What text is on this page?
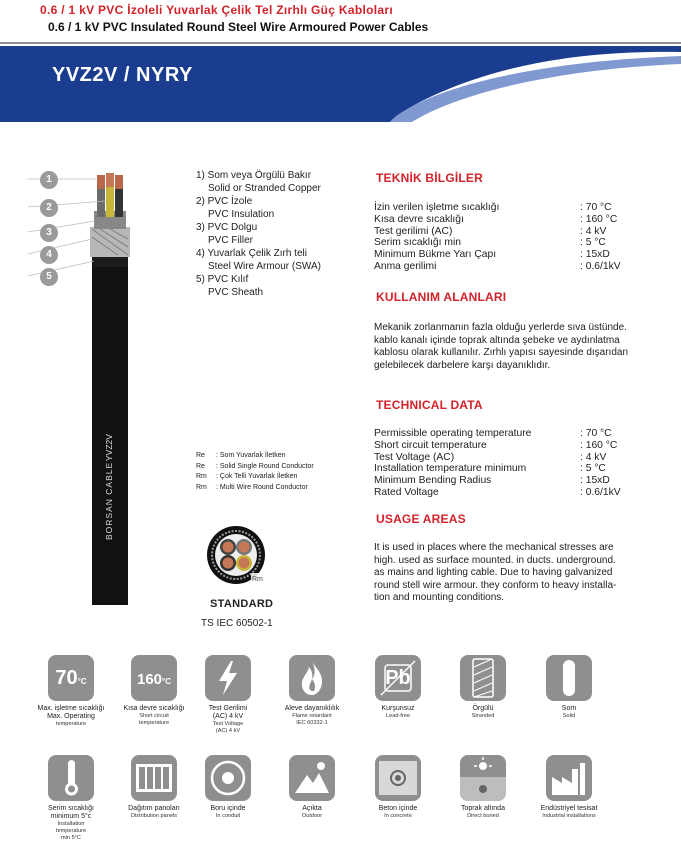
0.6 / 1 kV PVC İzoleli Yuvarlak Çelik Tel Zırhlı Güç Kabloları
0.6 / 1 kV PVC Insulated Round Steel Wire Armoured Power Cables
YVZ2V / NYRY
BORSAN CABLE
YVZ2V
1
2
3
4
5
1) Som veya Örgülü Bakır
Solid or Stranded Copper
2) PVC İzole
PVC Insulation
3) PVC Dolgu
PVC Filler
4) Yuvarlak Çelik Zırh teli
Steel Wire Armour (SWA)
5) PVC Kılıf
PVC Sheath
Re	: Som Yuvarlak İletken
Re	: Solid Single Round Conductor
Rm	: Çok Telli Yuvarlak İletken
Rm	: Multi Wire Round Conductor
Rm
STANDARD
TS IEC 60502-1
TEKNİK BİLGİLER
İzin verilen işletme sıcaklığı	: 70 °C
Kısa devre sıcaklığı	: 160 °C
Test gerilimi (AC)	: 4 kV
Serim sıcaklığı min	: 5 °C
Minimum Bükme Yarı Çapı	: 15xD
Anma gerilimi	: 0.6/1kV
KULLANIM ALANLARI
Mekanik zorlanmanın fazla olduğu yerlerde sıva üstünde.
kablo kanalı içinde toprak altında şebeke ve aydınlatma
kablosu olarak kullanılır. Zırhlı yapısı sayesinde dışarıdan
gelebilecek darbelere karşı dayanıklıdır.
TECHNICAL DATA
Permissible operating temperature	: 70 °C
Short circuit temperature	: 160 °C
Test Voltage (AC)	: 4 kV
Installation temperature minimum	: 5 °C
Minimum Bending Radius	: 15xD
Rated Voltage	: 0.6/1kV
USAGE AREAS
It is used in places where the mechanical stresses are
high. used as surface mounted. in ducts. underground.
as mains and lighting cable. Due to having galvanized
round stell wire armour. they conform to heavy installa-
tion and mounting conditions.
70°C
Max. işletme sıcaklığı
Max. Operating
temperature
160°C
Kısa devre sıcaklığı
Short circuit
temperature
Test Gerilimi
(AC) 4 kV
Test Voltage
(AC) 4 kV
Aleve dayanıklılık
Flame retardant
IEC 60332-1
Pb
Kurşunsuz
Lead-free
Örgülü
Stranded
Som
Solid
Serim sıcaklığı
minimum 5°c
Installation
temperature
min 5°C
Dağıtım panoları
Distribution panels
Boru içinde
In conduit
Açıkta
Outdoor
Beton içinde
In concrete
Toprak altında
Direct buried
Endüstriyel tesisat
Industrial installations
